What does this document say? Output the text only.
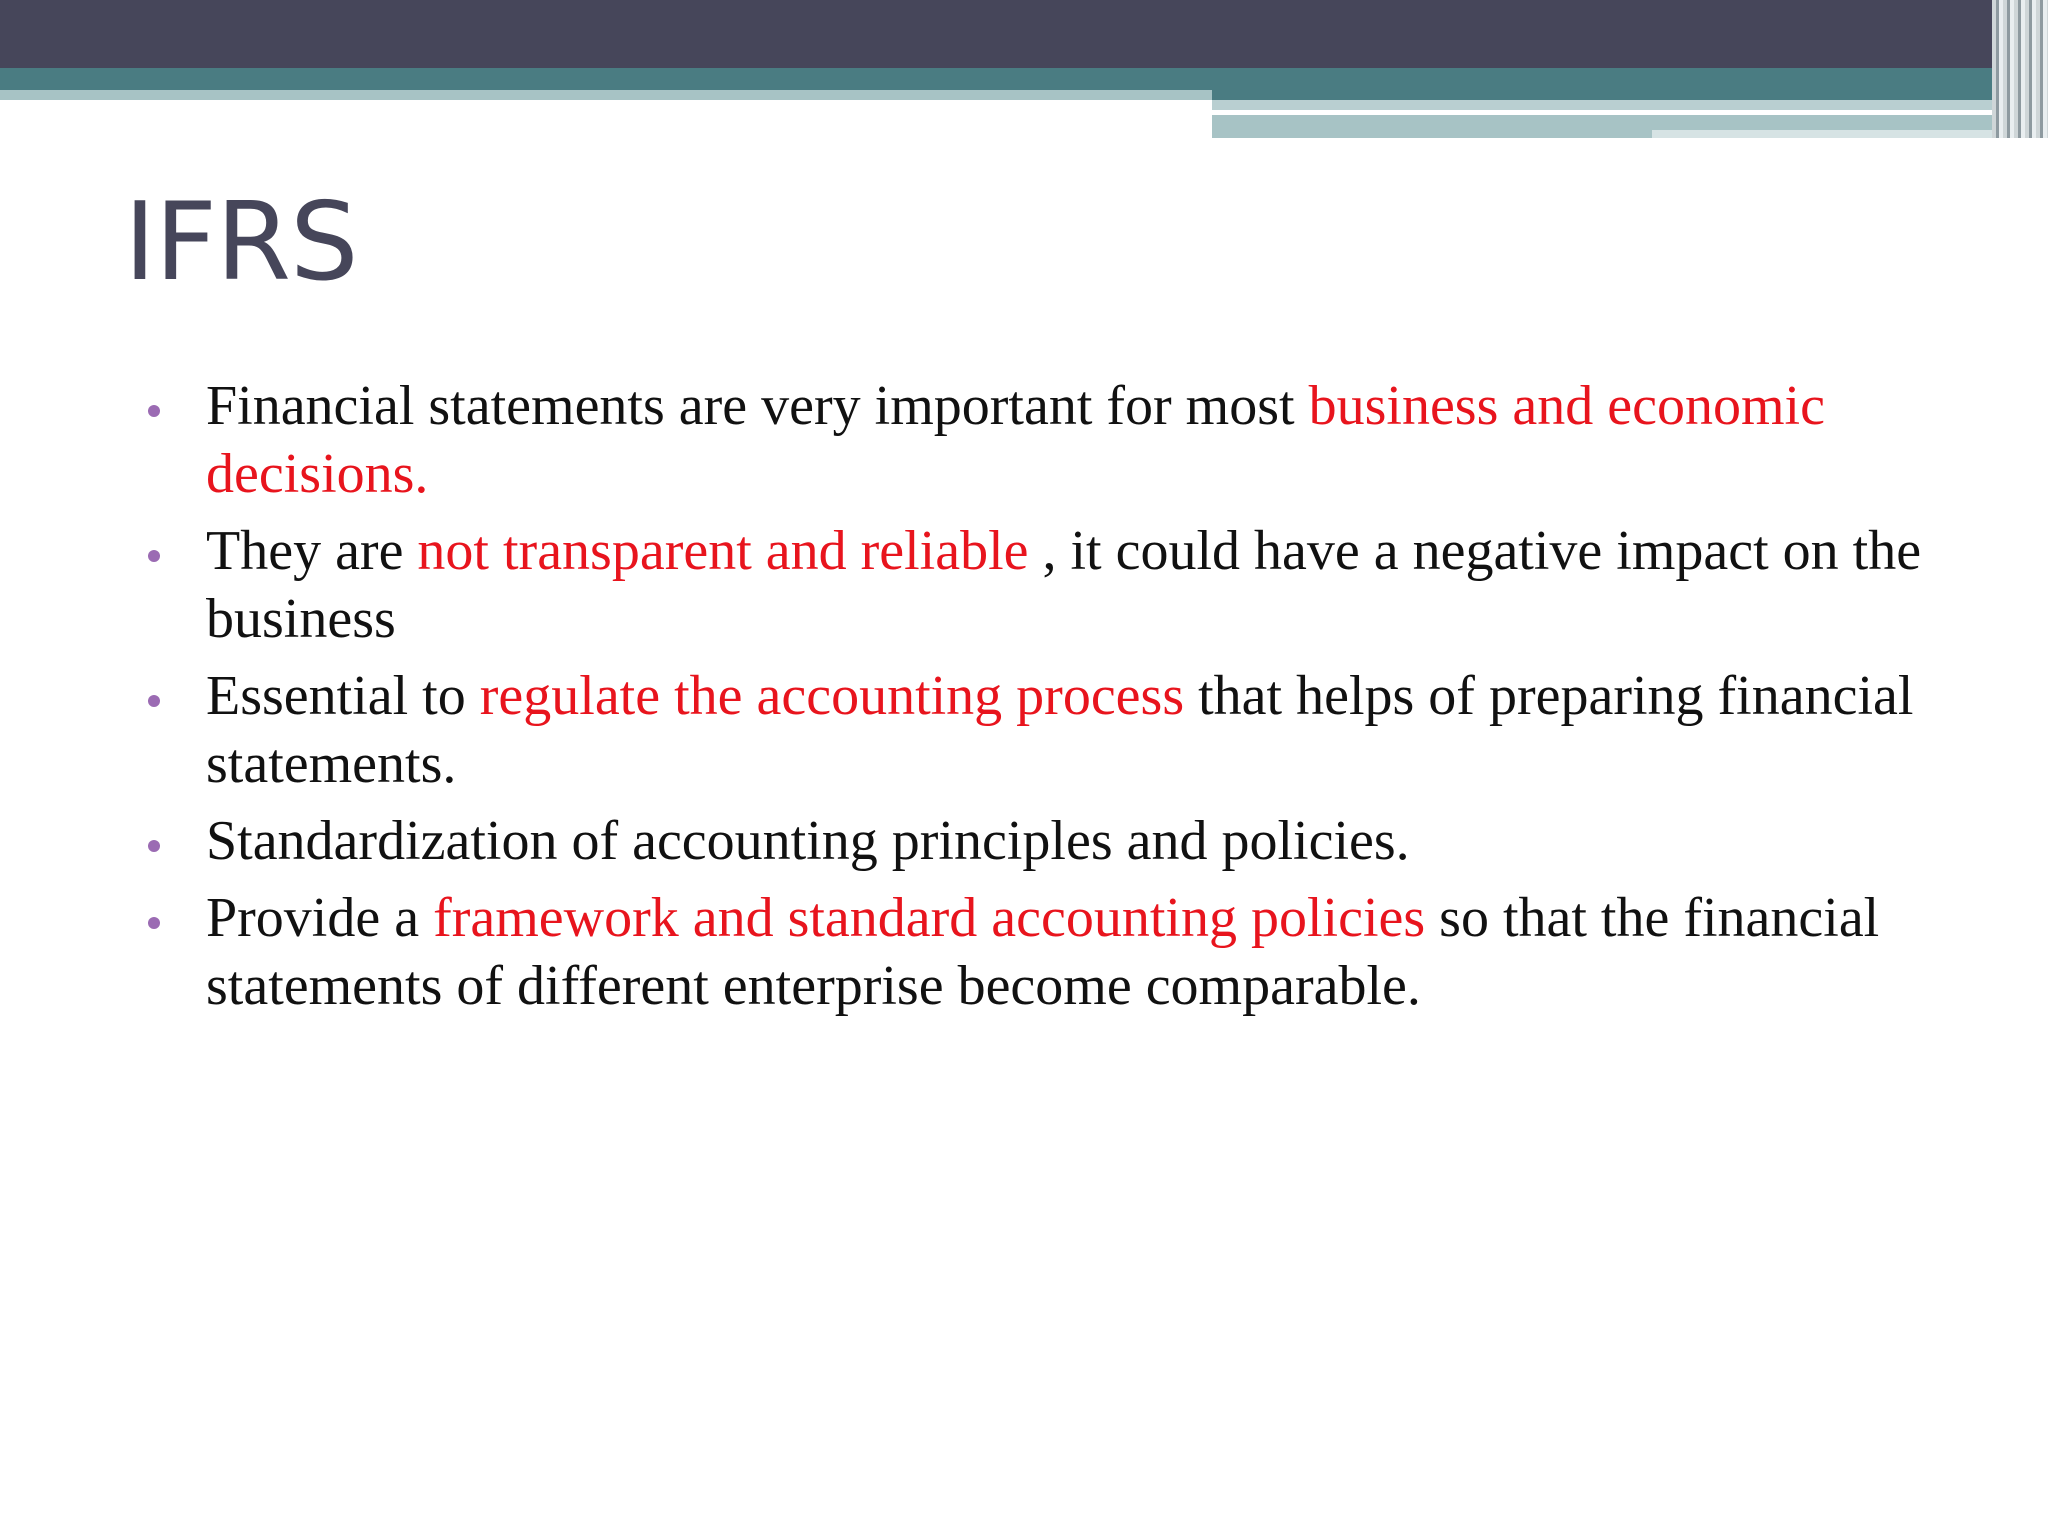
IFRS
Financial statements are very important for most business and economic decisions.
They are not transparent and reliable , it could have a negative impact on the business
Essential to regulate the accounting process that helps of preparing financial statements.
Standardization of accounting principles and policies.
Provide a framework and standard accounting policies so that the financial statements of different enterprise become comparable.
